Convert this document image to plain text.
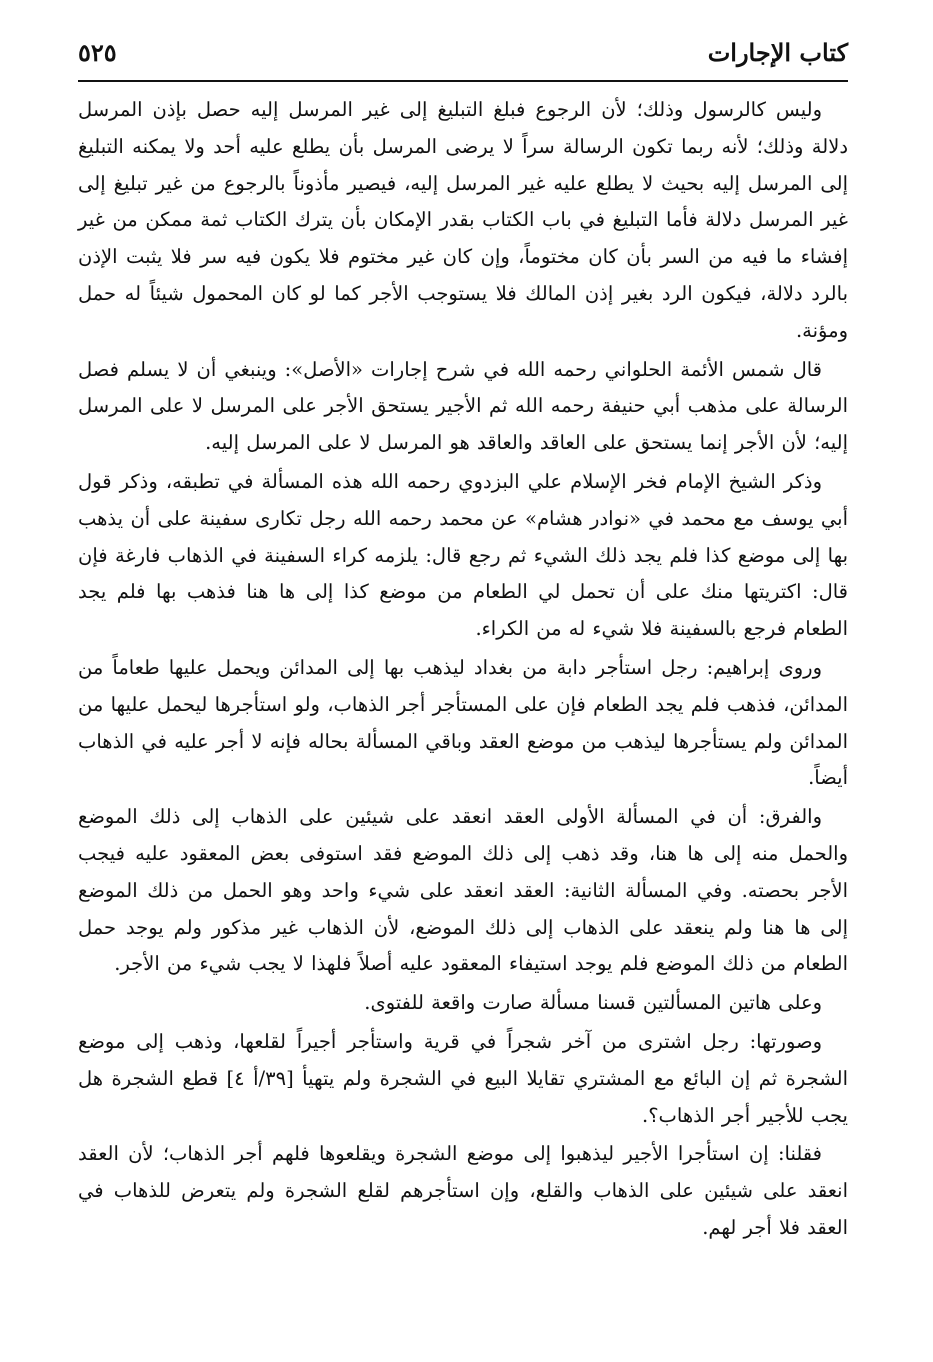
كتاب الإجارات
٥٢٥

وليس كالرسول وذلك؛ لأن الرجوع فبلغ التبليغ إلى غير المرسل إليه حصل بإذن المرسل دلالة وذلك؛ لأنه ربما تكون الرسالة سراً لا يرضى المرسل بأن يطلع عليه أحد ولا يمكنه التبليغ إلى المرسل إليه بحيث لا يطلع عليه غير المرسل إليه، فيصير مأذوناً بالرجوع من غير تبليغ إلى غير المرسل دلالة فأما التبليغ في باب الكتاب بقدر الإمكان بأن يترك الكتاب ثمة ممكن من غير إفشاء ما فيه من السر بأن كان مختوماً، وإن كان غير مختوم فلا يكون فيه سر فلا يثبت الإذن بالرد دلالة، فيكون الرد بغير إذن المالك فلا يستوجب الأجر كما لو كان المحمول شيئاً له حمل ومؤنة.

قال شمس الأئمة الحلواني رحمه الله في شرح إجارات «الأصل»: وينبغي أن لا يسلم فصل الرسالة على مذهب أبي حنيفة رحمه الله ثم الأجير يستحق الأجر على المرسل لا على المرسل إليه؛ لأن الأجر إنما يستحق على العاقد والعاقد هو المرسل لا على المرسل إليه.

وذكر الشيخ الإمام فخر الإسلام علي البزدوي رحمه الله هذه المسألة في تطبقه، وذكر قول أبي يوسف مع محمد في «نوادر هشام» عن محمد رحمه الله رجل تكارى سفينة على أن يذهب بها إلى موضع كذا فلم يجد ذلك الشيء ثم رجع قال: يلزمه كراء السفينة في الذهاب فارغة فإن قال: اكتريتها منك على أن تحمل لي الطعام من موضع كذا إلى ها هنا فذهب بها فلم يجد الطعام فرجع بالسفينة فلا شيء له من الكراء.

وروى إبراهيم: رجل استأجر دابة من بغداد ليذهب بها إلى المدائن ويحمل عليها طعاماً من المدائن، فذهب فلم يجد الطعام فإن على المستأجر أجر الذهاب، ولو استأجرها ليحمل عليها من المدائن ولم يستأجرها ليذهب من موضع العقد وباقي المسألة بحاله فإنه لا أجر عليه في الذهاب أيضاً.

والفرق: أن في المسألة الأولى العقد انعقد على شيئين على الذهاب إلى ذلك الموضع والحمل منه إلى ها هنا، وقد ذهب إلى ذلك الموضع فقد استوفى بعض المعقود عليه فيجب الأجر بحصته. وفي المسألة الثانية: العقد انعقد على شيء واحد وهو الحمل من ذلك الموضع إلى ها هنا ولم ينعقد على الذهاب إلى ذلك الموضع، لأن الذهاب غير مذكور ولم يوجد حمل الطعام من ذلك الموضع فلم يوجد استيفاء المعقود عليه أصلاً فلهذا لا يجب شيء من الأجر.

وعلى هاتين المسألتين قسنا مسألة صارت واقعة للفتوى.

وصورتها: رجل اشترى من آخر شجراً في قرية واستأجر أجيراً لقلعها، وذهب إلى موضع الشجرة ثم إن البائع مع المشتري تقايلا البيع في الشجرة ولم يتهيأ [٣٩/أ ٤] قطع الشجرة هل يجب للأجير أجر الذهاب؟.

فقلنا: إن استأجرا الأجير ليذهبوا إلى موضع الشجرة ويقلعوها فلهم أجر الذهاب؛ لأن العقد انعقد على شيئين على الذهاب والقلع، وإن استأجرهم لقلع الشجرة ولم يتعرض للذهاب في العقد فلا أجر لهم.
